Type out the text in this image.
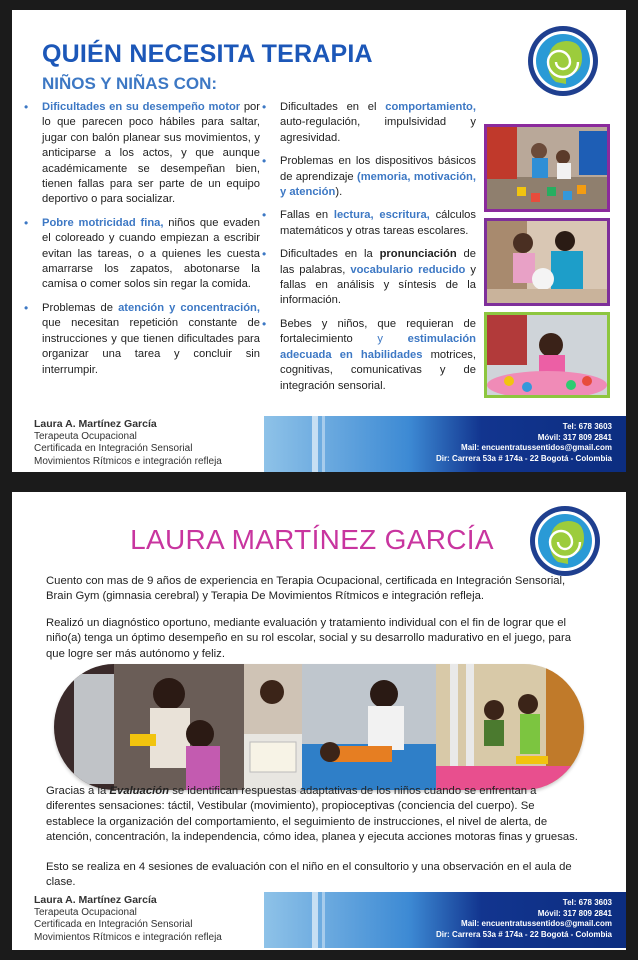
QUIÉN NECESITA TERAPIA
NIÑOS Y NIÑAS CON:
• Dificultades en su desempeño motor por lo que parecen poco hábiles para saltar, jugar con balón planear sus movimientos, y anticiparse a los actos, y que aunque académicamente se desempeñan bien, tienen fallas para ser parte de un equipo deportivo o para socializar.
• Pobre motricidad fina, niños que evaden el coloreado y cuando empiezan a escribir evitan las tareas, o a quienes les cuesta amarrarse los zapatos, abotonarse la camisa o comer solos sin regar la comida.
• Problemas de atención y concentración, que necesitan repetición constante de instrucciones y que tienen dificultades para organizar una tarea y concluir sin interrumpir.
• Dificultades en el comportamiento, auto-regulación, impulsividad y agresividad.
• Problemas en los dispositivos básicos de aprendizaje (memoria, motivación, y atención).
• Fallas en lectura, escritura, cálculos matemáticos y otras tareas escolares.
• Dificultades en la pronunciación de las palabras, vocabulario reducido y fallas en análisis y síntesis de la información.
• Bebes y niños, que requieran de fortalecimiento y estimulación adecuada en habilidades motrices, cognitivas, comunicativas y de integración sensorial.
Laura A. Martínez García
Terapeuta Ocupacional
Certificada en Integración Sensorial
Movimientos Rítmicos e integración refleja
Tel: 678 3603
Móvil: 317 809 2841
Mail: encuentratussentidos@gmail.com
Dir: Carrera 53a # 174a - 22 Bogotá - Colombia
LAURA MARTÍNEZ GARCÍA
Cuento con mas de 9 años de experiencia en Terapia Ocupacional, certificada en Integración Sensorial, Brain Gym (gimnasia cerebral) y Terapia De Movimientos Rítmicos e integración refleja.
Realizó un diagnóstico oportuno, mediante evaluación y tratamiento individual con el fin de lograr que el niño(a) tenga un óptimo desempeño en su rol escolar, social y su desarrollo madurativo en el juego, para que logre ser más autónomo y feliz.
Gracias a la Evaluación se identifican respuestas adaptativas de los niños cuando se enfrentan a diferentes sensaciones: táctil, Vestibular (movimiento), propioceptivas (conciencia del cuerpo). Se establece la organización del comportamiento, el seguimiento de instrucciones, el nivel de alerta, de atención, concentración, la independencia, cómo idea, planea y ejecuta acciones motoras finas y gruesas.
Esto se realiza en 4 sesiones de evaluación con el niño en el consultorio y una observación en el aula de clase.
Laura A. Martínez García
Terapeuta Ocupacional
Certificada en Integración Sensorial
Movimientos Rítmicos e integración refleja
Tel: 678 3603
Móvil: 317 809 2841
Mail: encuentratussentidos@gmail.com
Dir: Carrera 53a # 174a - 22 Bogotá - Colombia
